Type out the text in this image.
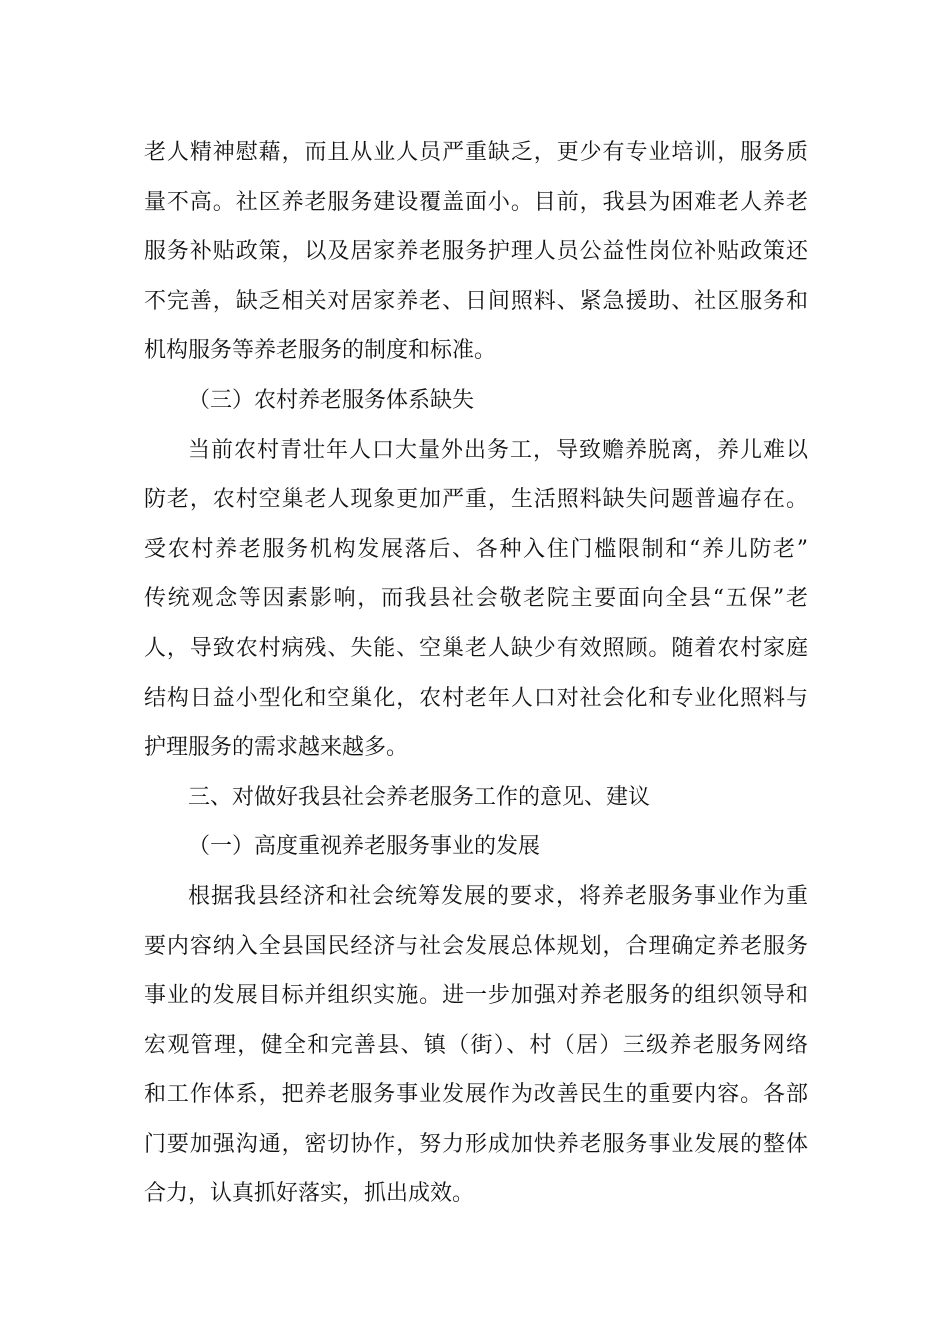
老人精神慰藉，而且从业人员严重缺乏，更少有专业培训，服务质
量不高。社区养老服务建设覆盖面小。目前，我县为困难老人养老
服务补贴政策，以及居家养老服务护理人员公益性岗位补贴政策还
不完善，缺乏相关对居家养老、日间照料、紧急援助、社区服务和
机构服务等养老服务的制度和标准。
（三）农村养老服务体系缺失
当前农村青壮年人口大量外出务工，导致赡养脱离，养儿难以
防老，农村空巢老人现象更加严重，生活照料缺失问题普遍存在。
受农村养老服务机构发展落后、各种入住门槛限制和“养儿防老”
传统观念等因素影响，而我县社会敬老院主要面向全县“五保”老
人，导致农村病残、失能、空巢老人缺少有效照顾。随着农村家庭
结构日益小型化和空巢化，农村老年人口对社会化和专业化照料与
护理服务的需求越来越多。
三、对做好我县社会养老服务工作的意见、建议
（一）高度重视养老服务事业的发展
根据我县经济和社会统筹发展的要求，将养老服务事业作为重
要内容纳入全县国民经济与社会发展总体规划，合理确定养老服务
事业的发展目标并组织实施。进一步加强对养老服务的组织领导和
宏观管理，健全和完善县、镇（街）、村（居）三级养老服务网络
和工作体系，把养老服务事业发展作为改善民生的重要内容。各部
门要加强沟通，密切协作，努力形成加快养老服务事业发展的整体
合力，认真抓好落实，抓出成效。
